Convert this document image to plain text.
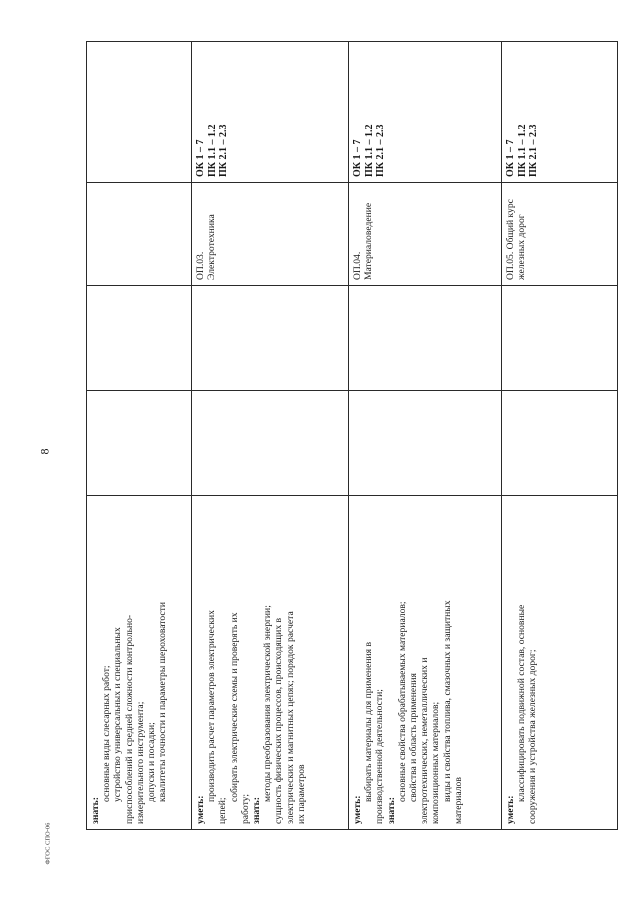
ФГОС СПО-06
8
знать:
основные виды слесарных работ; устройство универсальных и специальных приспособлений и средней сложности контрольно- измерительного инструмента; допуски и посадки; квалитеты точности и параметры шероховатости
уметь:
производить расчет параметров электрических
цепей;
собирать электрические схемы и проверять их
работу; знать:
методы преобразования электрической энергии; сущность физических процессов, происходящих в электрических и магнитных цепях; порядок расчета их параметров
ОП.03. Электротехника
ОК 1 – 7 ПК 1.1 – 1.2 ПК 2.1 – 2.3
уметь:
выбирать материалы для применения в производственной деятельности; знать:
основные свойства обрабатываемых материалов; свойства и область применения электротехнических, неметаллических и композиционных материалов; виды и свойства топлива, смазочных и защитных материалов
ОП.04. Материаловедение
ОК 1 – 7 ПК 1.1 – 1.2 ПК 2.1 – 2.3
уметь:
классифицировать подвижной состав, основные сооружения и устройства железных дорог;
ОП.05. Общий курс железных дорог
ОК 1 – 7 ПК 1.1 – 1.2 ПК 2.1 – 2.3
